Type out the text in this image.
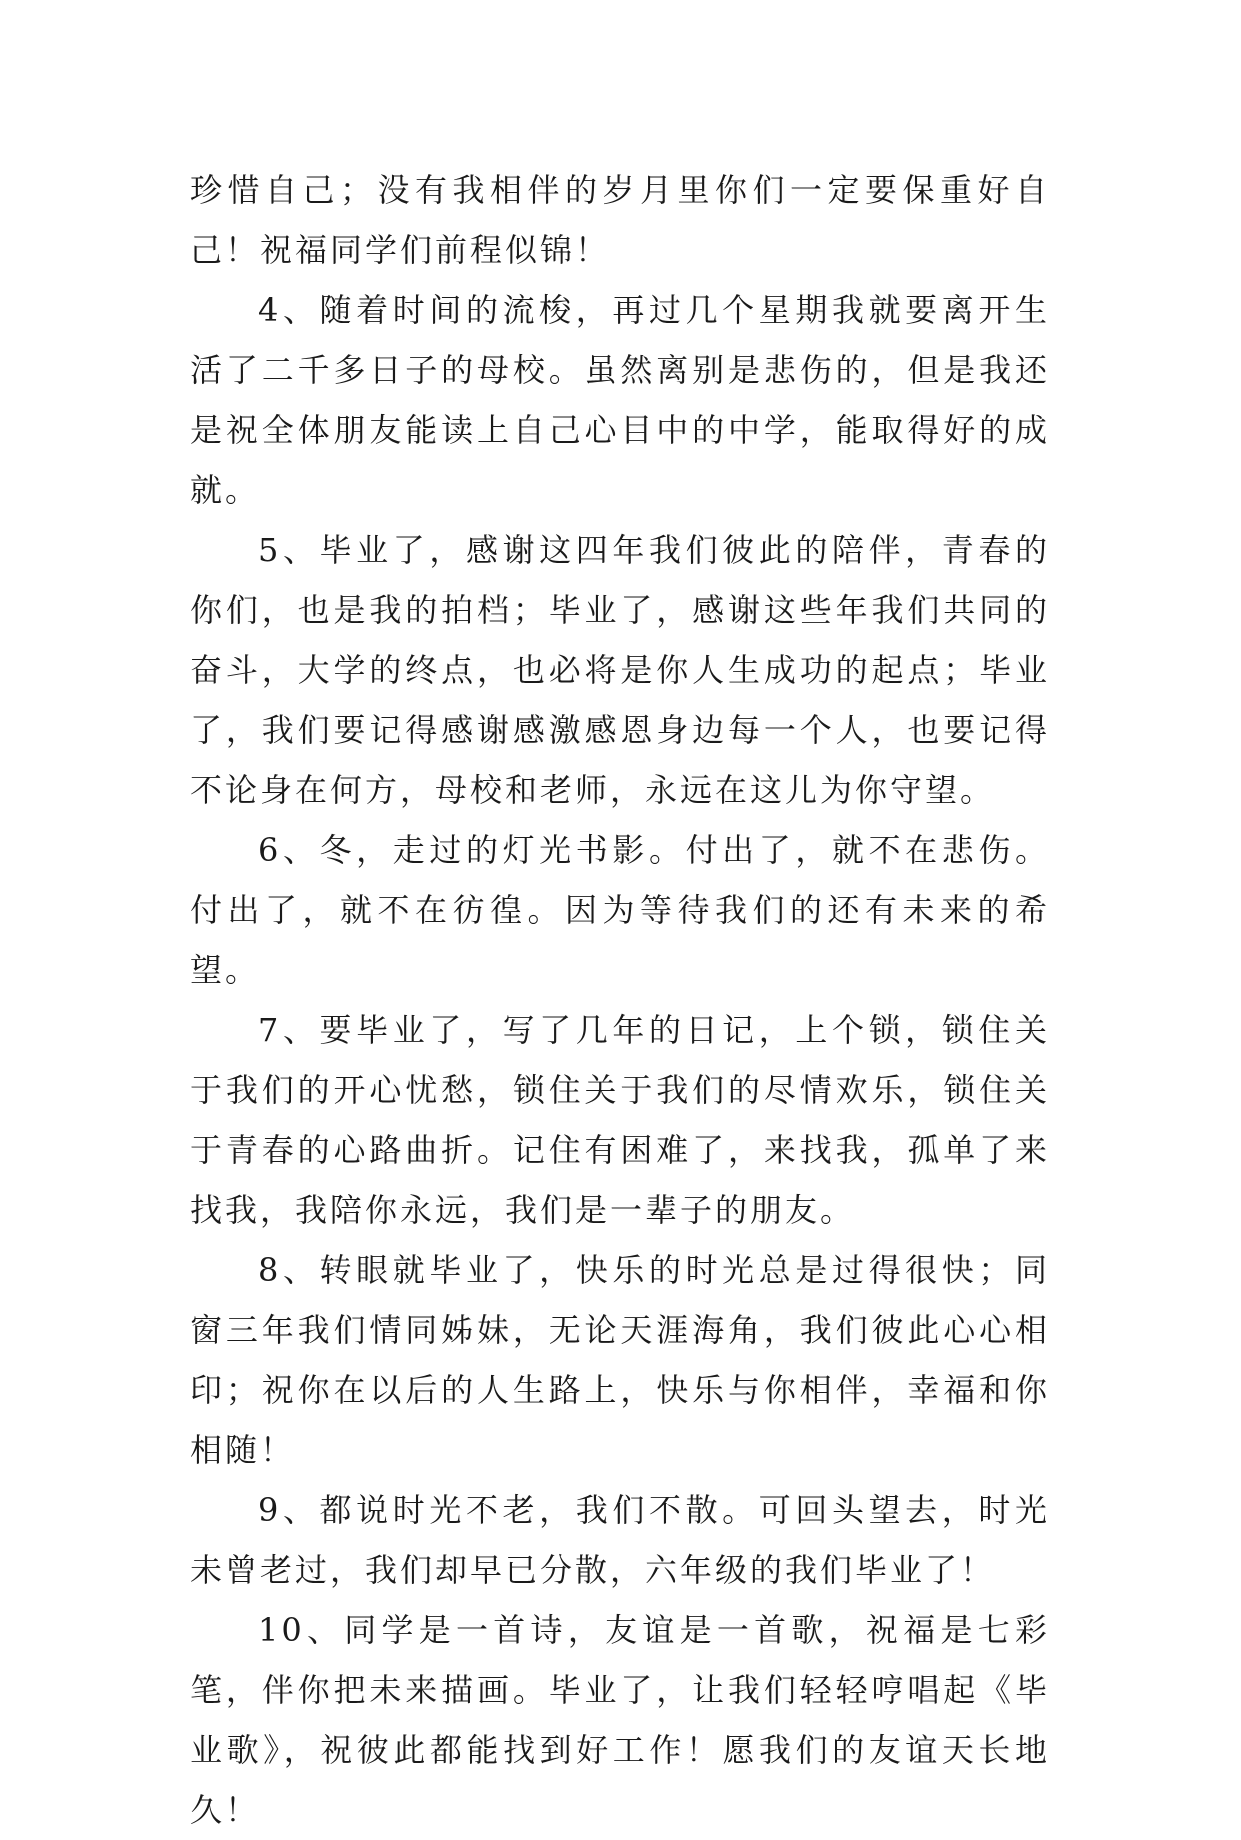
珍惜自己；没有我相伴的岁月里你们一定要保重好自己！祝福同学们前程似锦！

4、随着时间的流梭，再过几个星期我就要离开生活了二千多日子的母校。虽然离别是悲伤的，但是我还是祝全体朋友能读上自己心目中的中学，能取得好的成就。

5、毕业了，感谢这四年我们彼此的陪伴，青春的你们，也是我的拍档；毕业了，感谢这些年我们共同的奋斗，大学的终点，也必将是你人生成功的起点；毕业了，我们要记得感谢感激感恩身边每一个人，也要记得不论身在何方，母校和老师，永远在这儿为你守望。

6、冬，走过的灯光书影。付出了，就不在悲伤。付出了，就不在彷徨。因为等待我们的还有未来的希望。

7、要毕业了，写了几年的日记，上个锁，锁住关于我们的开心忧愁，锁住关于我们的尽情欢乐，锁住关于青春的心路曲折。记住有困难了，来找我，孤单了来找我，我陪你永远，我们是一辈子的朋友。

8、转眼就毕业了，快乐的时光总是过得很快；同窗三年我们情同姊妹，无论天涯海角，我们彼此心心相印；祝你在以后的人生路上，快乐与你相伴，幸福和你相随！

9、都说时光不老，我们不散。可回头望去，时光未曾老过，我们却早已分散，六年级的我们毕业了！

10、同学是一首诗，友谊是一首歌，祝福是七彩笔，伴你把未来描画。毕业了，让我们轻轻哼唱起《毕业歌》，祝彼此都能找到好工作！愿我们的友谊天长地久！
